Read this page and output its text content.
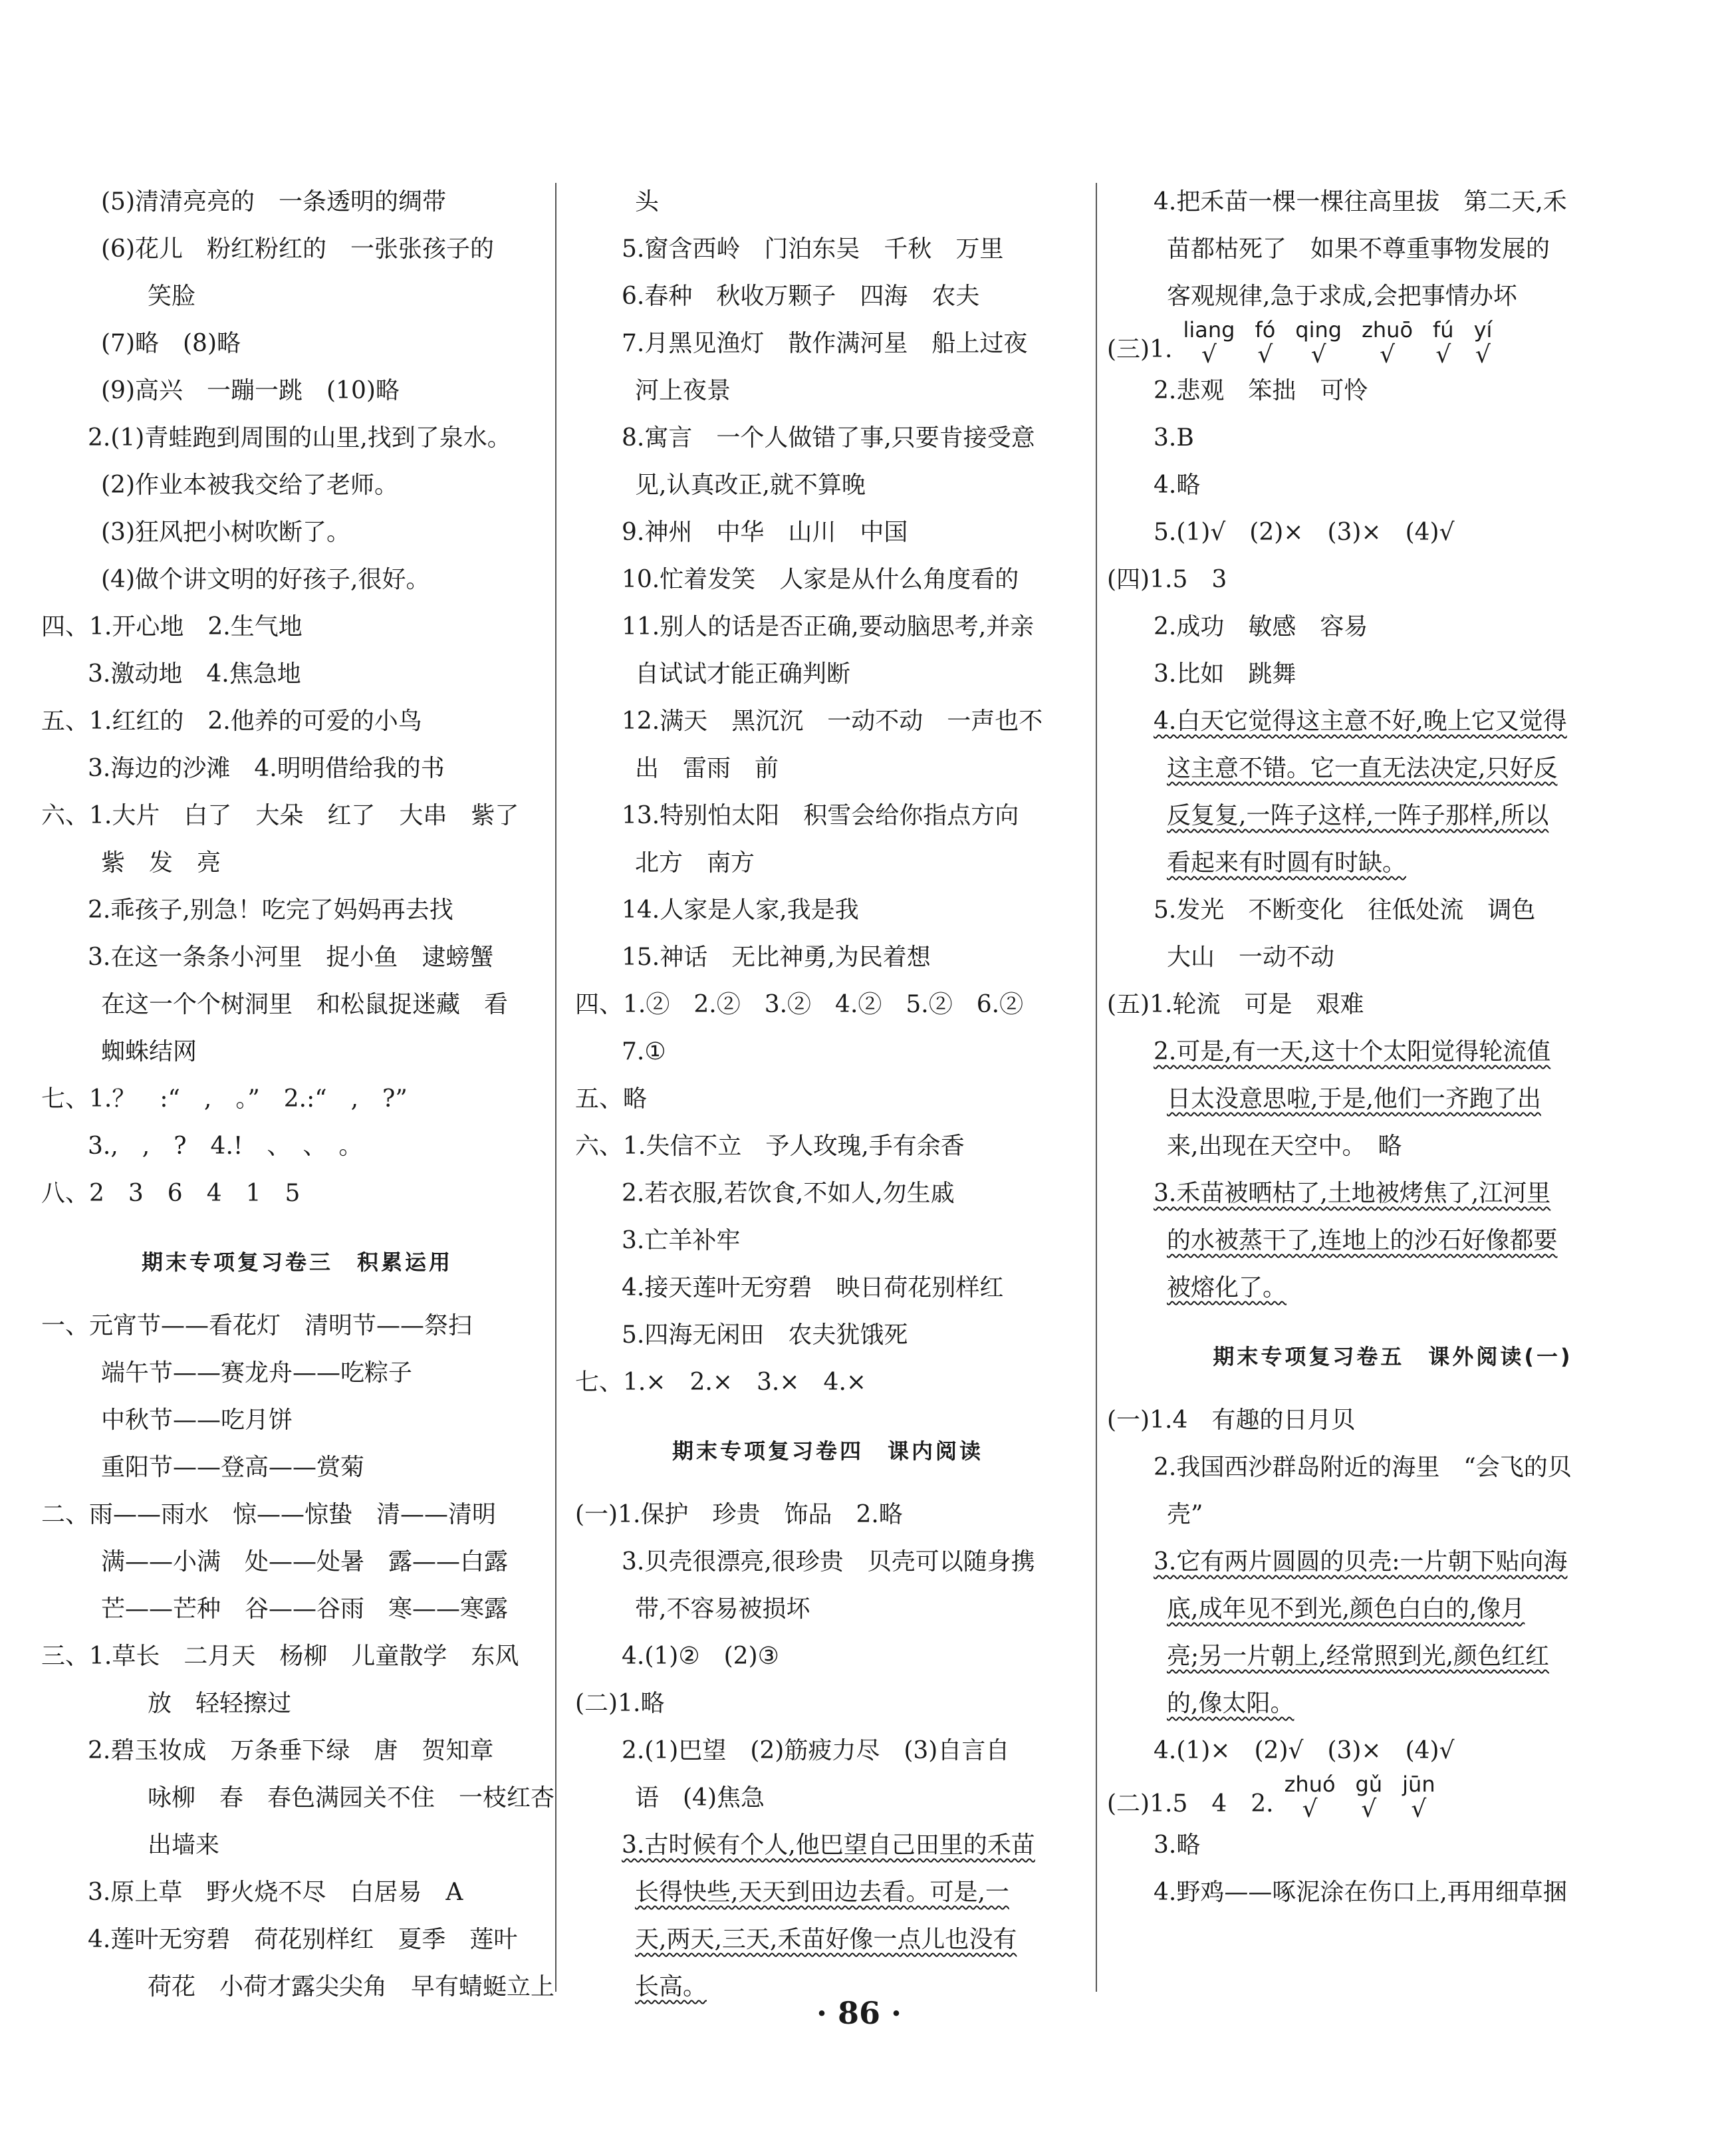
(5)清清亮亮的　一条透明的绸带
(6)花儿　粉红粉红的　一张张孩子的
笑脸
(7)略　(8)略
(9)高兴　一蹦一跳　(10)略
2.(1)青蛙跑到周围的山里,找到了泉水。
(2)作业本被我交给了老师。
(3)狂风把小树吹断了。
(4)做个讲文明的好孩子,很好。
四、1.开心地　2.生气地
3.激动地　4.焦急地
五、1.红红的　2.他养的可爱的小鸟
3.海边的沙滩　4.明明借给我的书
六、1.大片　白了　大朵　红了　大串　紫了
紫　发　亮
2.乖孩子,别急！吃完了妈妈再去找
3.在这一条条小河里　捉小鱼　逮螃蟹
在这一个个树洞里　和松鼠捉迷藏　看
蜘蛛结网
七、1.？　:“　,　。”　2.:“　,　?”
3.,　,　?　4.!　、　、　。
八、2　3　6　4　1　5
期末专项复习卷三　积累运用
一、元宵节——看花灯　清明节——祭扫
端午节——赛龙舟——吃粽子
中秋节——吃月饼
重阳节——登高——赏菊
二、雨——雨水　惊——惊蛰　清——清明
满——小满　处——处暑　露——白露
芒——芒种　谷——谷雨　寒——寒露
三、1.草长　二月天　杨柳　儿童散学　东风
放　轻轻擦过
2.碧玉妆成　万条垂下绿　唐　贺知章
咏柳　春　春色满园关不住　一枝红杏
出墙来
3.原上草　野火烧不尽　白居易　A
4.莲叶无穷碧　荷花别样红　夏季　莲叶
荷花　小荷才露尖尖角　早有蜻蜓立上
头
5.窗含西岭　门泊东吴　千秋　万里
6.春种　秋收万颗子　四海　农夫
7.月黑见渔灯　散作满河星　船上过夜
河上夜景
8.寓言　一个人做错了事,只要肯接受意
见,认真改正,就不算晚
9.神州　中华　山川　中国
10.忙着发笑　人家是从什么角度看的
11.别人的话是否正确,要动脑思考,并亲
自试试才能正确判断
12.满天　黑沉沉　一动不动　一声也不
出　雷雨　前
13.特别怕太阳　积雪会给你指点方向
北方　南方
14.人家是人家,我是我
15.神话　无比神勇,为民着想
四、1.②　2.②　3.②　4.②　5.②　6.②
7.①
五、略
六、1.失信不立　予人玫瑰,手有余香
2.若衣服,若饮食,不如人,勿生戚
3.亡羊补牢
4.接天莲叶无穷碧　映日荷花别样红
5.四海无闲田　农夫犹饿死
七、1.×　2.×　3.×　4.×
期末专项复习卷四　课内阅读
(一)1.保护　珍贵　饰品　2.略
3.贝壳很漂亮,很珍贵　贝壳可以随身携
带,不容易被损坏
4.(1)②　(2)③
(二)1.略
2.(1)巴望　(2)筋疲力尽　(3)自言自
语　(4)焦急
3.古时候有个人,他巴望自己田里的禾苗
长得快些,天天到田边去看。可是,一
天,两天,三天,禾苗好像一点儿也没有
长高。
4.把禾苗一棵一棵往高里拔　第二天,禾
苗都枯死了　如果不尊重事物发展的
客观规律,急于求成,会把事情办坏
(三)1.
liang
√
fó
√
qing
√
zhuō
√
fú
√
yí
√
2.悲观　笨拙　可怜
3.B
4.略
5.(1)√　(2)×　(3)×　(4)√
(四)1.5　3
2.成功　敏感　容易
3.比如　跳舞
4.白天它觉得这主意不好,晚上它又觉得
这主意不错。它一直无法决定,只好反
反复复,一阵子这样,一阵子那样,所以
看起来有时圆有时缺。
5.发光　不断变化　往低处流　调色
大山　一动不动
(五)1.轮流　可是　艰难
2.可是,有一天,这十个太阳觉得轮流值
日太没意思啦,于是,他们一齐跑了出
来,出现在天空中。　略
3.禾苗被晒枯了,土地被烤焦了,江河里
的水被蒸干了,连地上的沙石好像都要
被熔化了。
期末专项复习卷五　课外阅读(一)
(一)1.4　有趣的日月贝
2.我国西沙群岛附近的海里　“会飞的贝
壳”
3.它有两片圆圆的贝壳:一片朝下贴向海
底,成年见不到光,颜色白白的,像月
亮;另一片朝上,经常照到光,颜色红红
的,像太阳。
4.(1)×　(2)√　(3)×　(4)√
(二)1.5　4　2.
zhuó
√
gǔ
√
jūn
√
3.略
4.野鸡——啄泥涂在伤口上,再用细草捆
· 86 ·
